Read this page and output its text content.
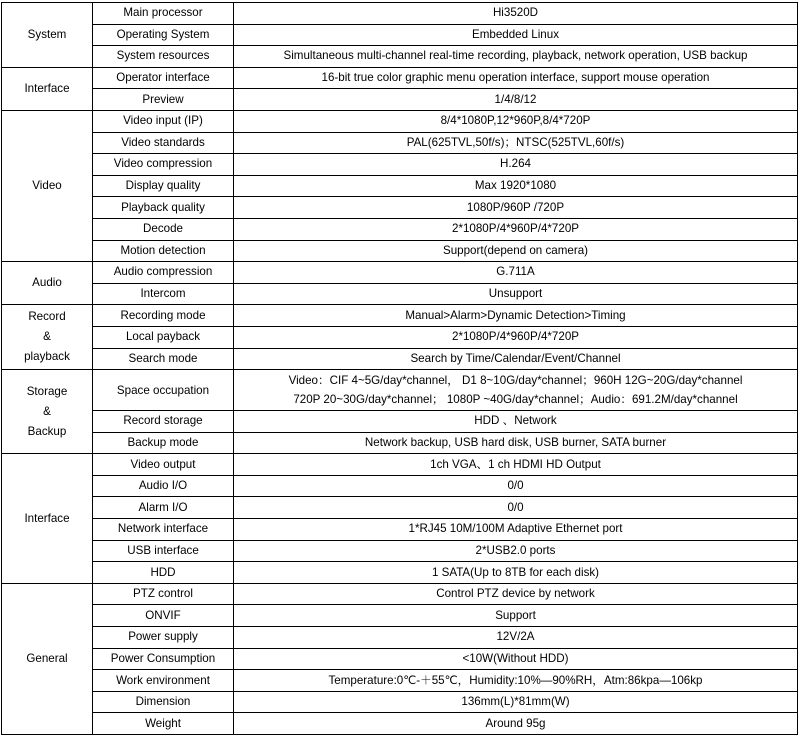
System	Main processor	Hi3520D

	Operating System	Embedded Linux

	System resources	Simultaneous multi-channel real-time recording, playback, network operation, USB backup

Interface	Operator interface	16-bit true color graphic menu operation interface, support mouse operation

	Preview	1/4/8/12

Video	Video input (IP)	8/4*1080P,12*960P,8/4*720P

	Video standards	PAL(625TVL,50f/s)；NTSC(525TVL,60f/s)

	Video compression	H.264

	Display quality	Max 1920*1080

	Playback quality	1080P/960P /720P

	Decode	2*1080P/4*960P/4*720P

	Motion detection	Support(depend on camera)

Audio	Audio compression	G.711A

	Intercom	Unsupport

Record
&
playback	Recording mode	Manual>Alarm>Dynamic Detection>Timing

	Local payback	2*1080P/4*960P/4*720P

	Search mode	Search by Time/Calendar/Event/Channel

Storage
&
Backup	Space occupation	Video：CIF 4~5G/day*channel， D1 8~10G/day*channel；960H 12G~20G/day*channel
720P 20~30G/day*channel； 1080P ~40G/day*channel；Audio：691.2M/day*channel

	Record storage	HDD 、Network

	Backup mode	Network backup, USB hard disk, USB burner, SATA burner

Interface	Video output	1ch VGA、1 ch HDMI HD Output

	Audio I/O	0/0

	Alarm I/O	0/0

	Network interface	1*RJ45 10M/100M Adaptive Ethernet port

	USB interface	2*USB2.0 ports

	HDD	1 SATA(Up to 8TB for each disk)

General	PTZ control	Control PTZ device by network

	ONVIF	Support

	Power supply	12V/2A

	Power Consumption	<10W(Without HDD)

	Work environment	Temperature:0℃-＋55℃，Humidity:10%—90%RH，Atm:86kpa—106kp

	Dimension	136mm(L)*81mm(W)

	Weight	Around 95g
